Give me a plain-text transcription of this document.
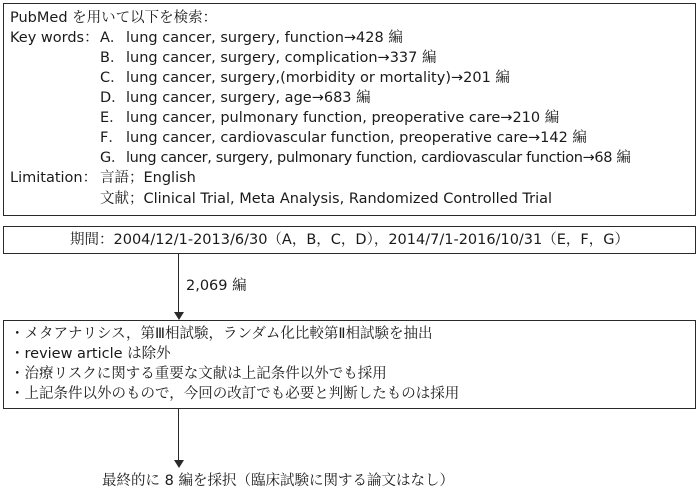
PubMed を用いて以下を検索：
Key words： A． lung cancer, surgery, function→428 編
B． lung cancer, surgery, complication→337 編
C． lung cancer, surgery,(morbidity or mortality)→201 編
D． lung cancer, surgery, age→683 編
E． lung cancer, pulmonary function, preoperative care→210 編
F． lung cancer, cardiovascular function, preoperative care→142 編
G． lung cancer, surgery, pulmonary function, cardiovascular function→68 編
Limitation： 言語；English
文献；Clinical Trial, Meta Analysis, Randomized Controlled Trial
期間：2004/12/1-2013/6/30（A，B，C，D），2014/7/1-2016/10/31（E，F，G）
2,069 編
・メタアナリシス，第Ⅲ相試験，ランダム化比較第Ⅱ相試験を抽出
・review article は除外
・治療リスクに関する重要な文献は上記条件以外でも採用
・上記条件以外のもので，今回の改訂でも必要と判断したものは採用
最終的に 8 編を採択（臨床試験に関する論文はなし）
